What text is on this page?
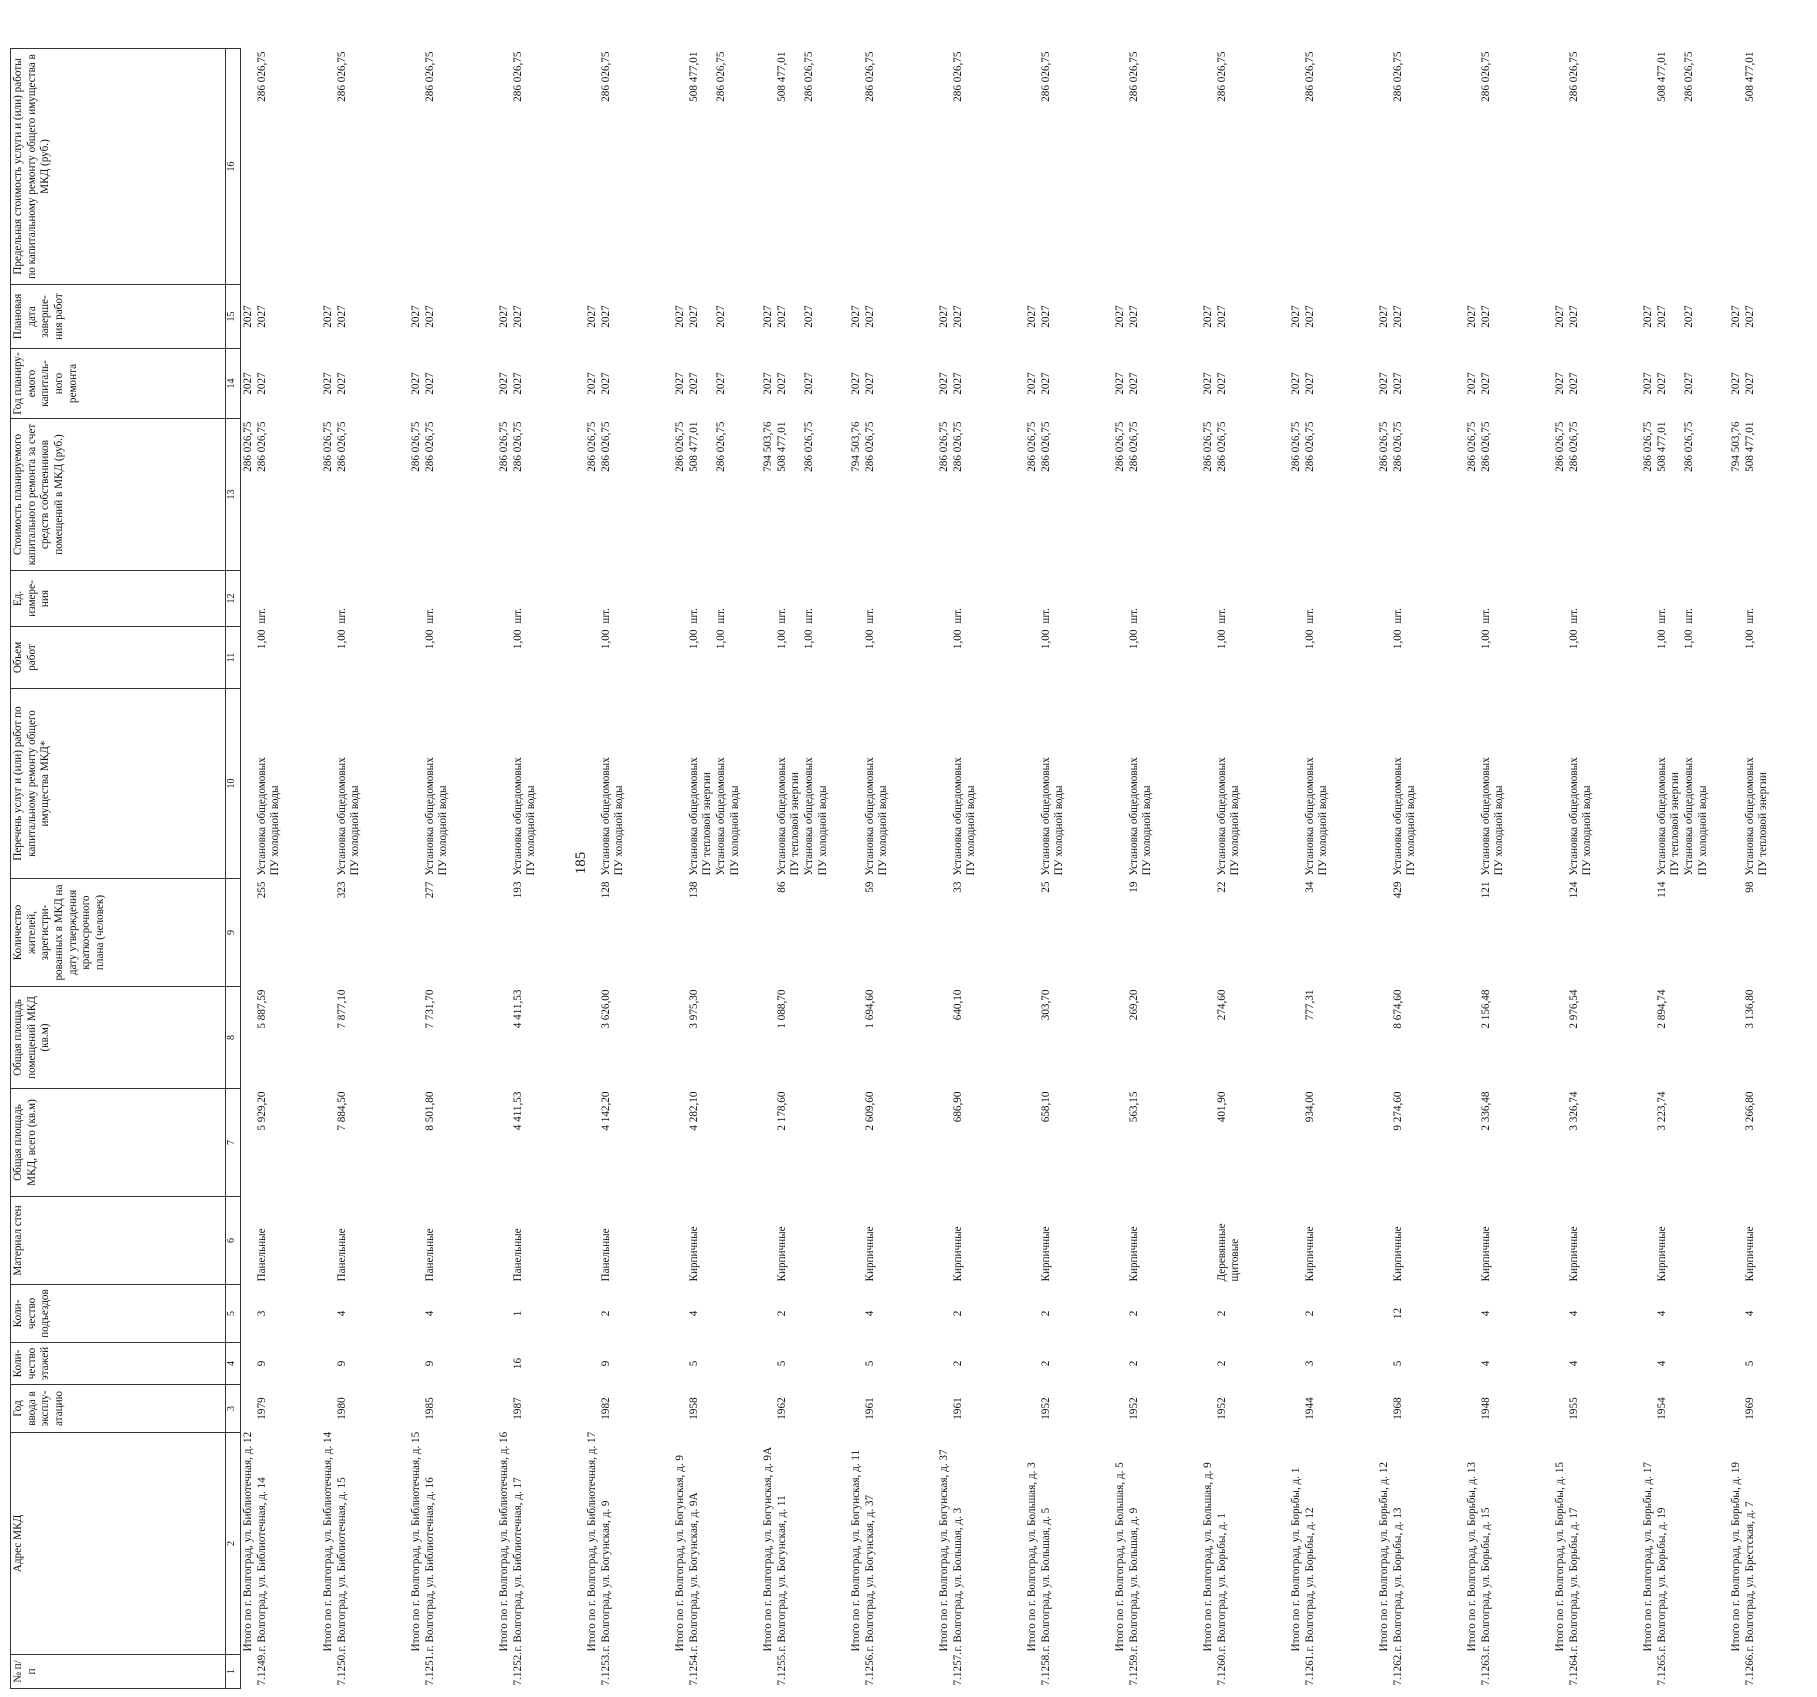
185
№ п/п	Адрес МКД	Год ввода в эксплу- атацию	Коли- чество этажей	Коли- чество подъездов	Материал стен	Общая площадь МКД, всего (кв.м)	Общая площадь помещений МКД (кв.м)	Количество жителей, зарегистри- рованных в МКД на дату утверждения краткосрочного плана (человек)	Перечень услуг и (или) работ по капитальному ремонту общего имущества МКД*	Объем работ	Ед. измере- ния	Стоимость планируемого капитального ремонта за счет средств собственников помещений в МКД (руб.)	Год планиру- емого капиталь- ного ремонта	Плановая дата заверше- ния работ	Предельная стоимость услуги и (или) работы по капитальному ремонту общего имущества в МКД (руб.)
1	2	3	4	5	6	7	8	9	10	11	12	13	14	15	16

7.1249.	Итого по г. Волгоград, ул. Библиотечная, д. 12 г. Волгоград, ул. Библиотечная, д. 14	1979	9	3	Панельные	5 929,20	5 887,59	255	Установка общедомовых ПУ холодной воды	1,00	шт.	286 026,75 286 026,75	2027 2027	2027 2027	286 026,75

7.1250.	Итого по г. Волгоград, ул. Библиотечная, д. 14 г. Волгоград, ул. Библиотечная, д. 15	1980	9	4	Панельные	7 884,50	7 877,10	323	Установка общедомовых ПУ холодной воды	1,00	шт.	286 026,75 286 026,75	2027 2027	2027 2027	286 026,75

7.1251.	Итого по г. Волгоград, ул. Библиотечная, д. 15 г. Волгоград, ул. Библиотечная, д. 16	1985	9	4	Панельные	8 501,80	7 731,70	277	Установка общедомовых ПУ холодной воды	1,00	шт.	286 026,75 286 026,75	2027 2027	2027 2027	286 026,75

7.1252.	Итого по г. Волгоград, ул. Библиотечная, д. 16 г. Волгоград, ул. Библиотечная, д. 17	1987	16	1	Панельные	4 411,53	4 411,53	193	Установка общедомовых ПУ холодной воды	1,00	шт.	286 026,75 286 026,75	2027 2027	2027 2027	286 026,75

7.1253.	Итого по г. Волгоград, ул. Библиотечная, д. 17 г. Волгоград, ул. Богунская, д. 9	1982	9	2	Панельные	4 142,20	3 626,00	128	Установка общедомовых ПУ холодной воды	1,00	шт.	286 026,75 286 026,75	2027 2027	2027 2027	286 026,75

7.1254.	Итого по г. Волгоград, ул. Богунская, д. 9 г. Волгоград, ул. Богунская, д. 9А	1958	5	4	Кирпичные	4 282,10	3 975,30	138	Установка общедомовых ПУ тепловой энергии Установка общедомовых ПУ холодной воды	1,00 1,00	шт. шт.	286 026,75 508 477,01 286 026,75	2027 2027 2027	2027 2027 2027	508 477,01 286 026,75

7.1255.	Итого по г. Волгоград, ул. Богунская, д. 9А г. Волгоград, ул. Богунская, д. 11	1962	5	2	Кирпичные	2 178,60	1 088,70	86	Установка общедомовых ПУ тепловой энергии Установка общедомовых ПУ холодной воды	1,00 1,00	шт. шт.	794 503,76 508 477,01 286 026,75	2027 2027 2027	2027 2027 2027	508 477,01 286 026,75

7.1256.	Итого по г. Волгоград, ул. Богунская, д. 11 г. Волгоград, ул. Богунская, д. 37	1961	5	4	Кирпичные	2 609,60	1 694,60	59	Установка общедомовых ПУ холодной воды	1,00	шт.	794 503,76 286 026,75	2027 2027	2027 2027	286 026,75

7.1257.	Итого по г. Волгоград, ул. Богунская, д. 37 г. Волгоград, ул. Большая, д. 3	1961	2	2	Кирпичные	686,90	640,10	33	Установка общедомовых ПУ холодной воды	1,00	шт.	286 026,75 286 026,75	2027 2027	2027 2027	286 026,75

7.1258.	Итого по г. Волгоград, ул. Большая, д. 3 г. Волгоград, ул. Большая, д. 5	1952	2	2	Кирпичные	658,10	303,70	25	Установка общедомовых ПУ холодной воды	1,00	шт.	286 026,75 286 026,75	2027 2027	2027 2027	286 026,75

7.1259.	Итого по г. Волгоград, ул. Большая, д. 5 г. Волгоград, ул. Большая, д. 9	1952	2	2	Кирпичные	563,15	269,20	19	Установка общедомовых ПУ холодной воды	1,00	шт.	286 026,75 286 026,75	2027 2027	2027 2027	286 026,75

7.1260.	Итого по г. Волгоград, ул. Большая, д. 9 г. Волгоград, ул. Борьбы, д. 1	1952	2	2	Деревянные щитовые	401,90	274,60	22	Установка общедомовых ПУ холодной воды	1,00	шт.	286 026,75 286 026,75	2027 2027	2027 2027	286 026,75

7.1261.	Итого по г. Волгоград, ул. Борьбы, д. 1 г. Волгоград, ул. Борьбы, д. 12	1944	3	2	Кирпичные	934,00	777,31	34	Установка общедомовых ПУ холодной воды	1,00	шт.	286 026,75 286 026,75	2027 2027	2027 2027	286 026,75

7.1262.	Итого по г. Волгоград, ул. Борьбы, д. 12 г. Волгоград, ул. Борьбы, д. 13	1968	5	12	Кирпичные	9 274,60	8 674,60	429	Установка общедомовых ПУ холодной воды	1,00	шт.	286 026,75 286 026,75	2027 2027	2027 2027	286 026,75

7.1263.	Итого по г. Волгоград, ул. Борьбы, д. 13 г. Волгоград, ул. Борьбы, д. 15	1948	4	4	Кирпичные	2 336,48	2 156,48	121	Установка общедомовых ПУ холодной воды	1,00	шт.	286 026,75 286 026,75	2027 2027	2027 2027	286 026,75

7.1264.	Итого по г. Волгоград, ул. Борьбы, д. 15 г. Волгоград, ул. Борьбы, д. 17	1955	4	4	Кирпичные	3 326,74	2 976,54	124	Установка общедомовых ПУ холодной воды	1,00	шт.	286 026,75 286 026,75	2027 2027	2027 2027	286 026,75

7.1265.	Итого по г. Волгоград, ул. Борьбы, д. 17 г. Волгоград, ул. Борьбы, д. 19	1954	4	4	Кирпичные	3 223,74	2 894,74	114	Установка общедомовых ПУ тепловой энергии Установка общедомовых ПУ холодной воды	1,00 1,00	шт. шт.	286 026,75 508 477,01 286 026,75	2027 2027 2027	2027 2027 2027	508 477,01 286 026,75

7.1266.	Итого по г. Волгоград, ул. Борьбы, д. 19 г. Волгоград, ул. Брестская, д. 7	1969	5	4	Кирпичные	3 266,80	3 136,80	98	Установка общедомовых ПУ тепловой энергии	1,00	шт.	794 503,76 508 477,01	2027 2027	2027 2027	508 477,01
